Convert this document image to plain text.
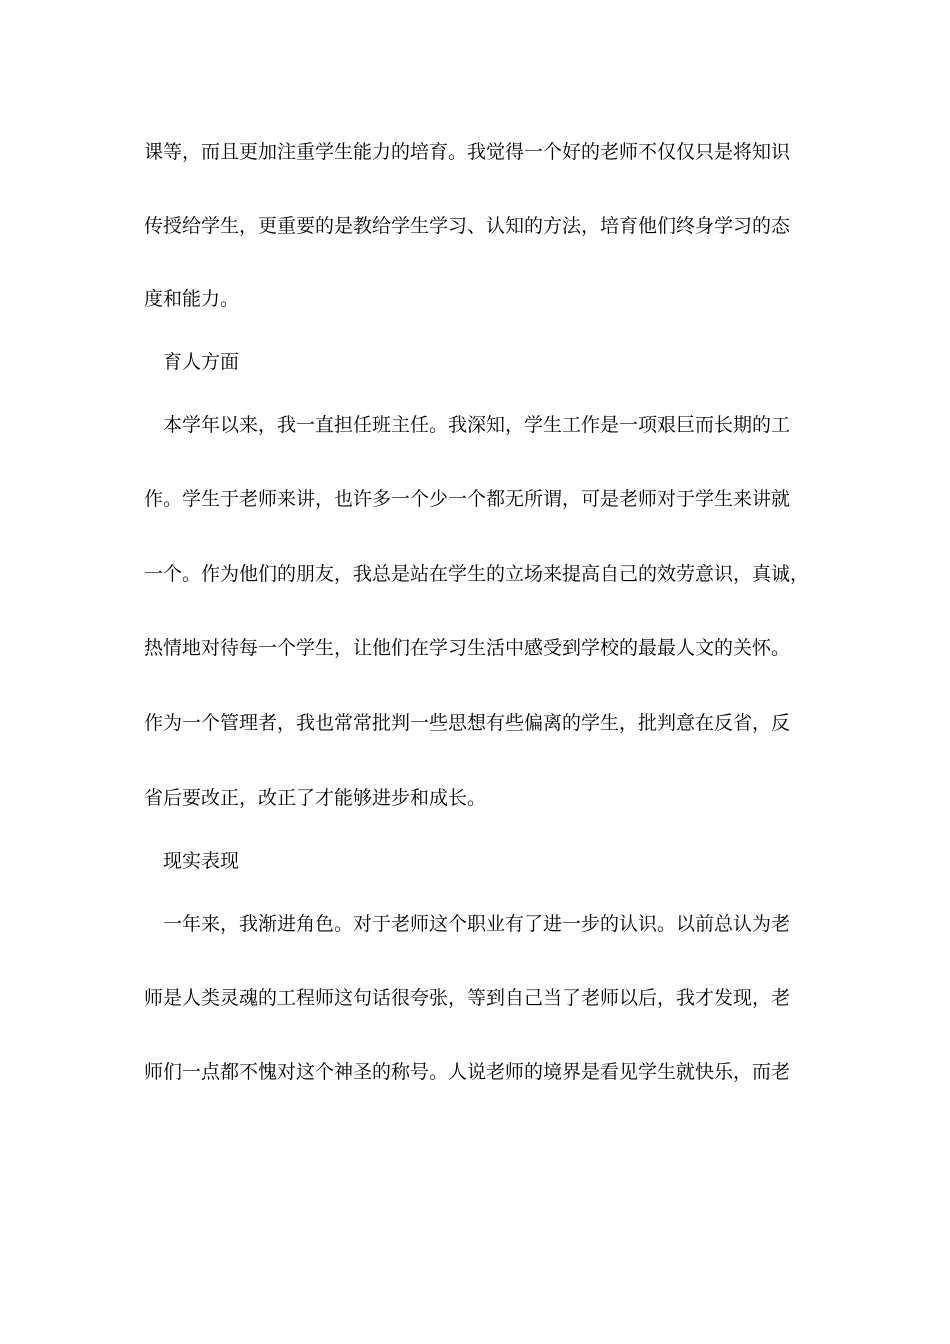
课等，而且更加注重学生能力的培育。我觉得一个好的老师不仅仅只是将知识
传授给学生，更重要的是教给学生学习、认知的方法，培育他们终身学习的态
度和能力。
育人方面
本学年以来，我一直担任班主任。我深知，学生工作是一项艰巨而长期的工
作。学生于老师来讲，也许多一个少一个都无所谓，可是老师对于学生来讲就
一个。作为他们的朋友，我总是站在学生的立场来提高自己的效劳意识，真诚，
热情地对待每一个学生，让他们在学习生活中感受到学校的最最人文的关怀。
作为一个管理者，我也常常批判一些思想有些偏离的学生，批判意在反省，反
省后要改正，改正了才能够进步和成长。
现实表现
一年来，我渐进角色。对于老师这个职业有了进一步的认识。以前总认为老
师是人类灵魂的工程师这句话很夸张，等到自己当了老师以后，我才发现，老
师们一点都不愧对这个神圣的称号。人说老师的境界是看见学生就快乐，而老
